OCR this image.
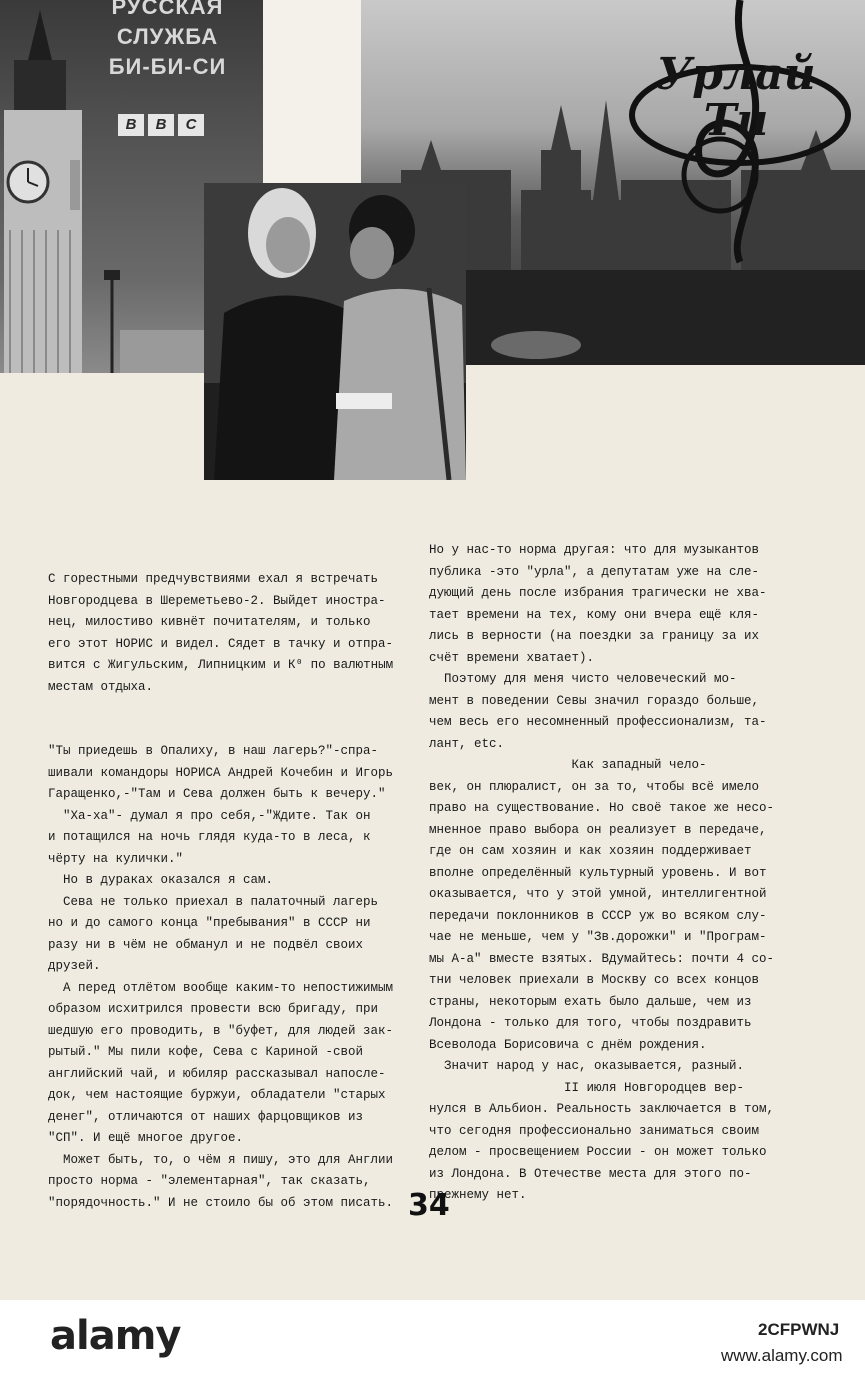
РУССКАЯ
СЛУЖБА
БИ-БИ-СИ
B	B	C
Урлай Ти
С горестными предчувствиями ехал я встречать
Новгородцева в Шереметьево-2. Выйдет иностра-
нец, милостиво кивнёт почитателям, и только
его этот НОРИС и видел. Сядет в тачку и отпра-
вится с Жигульским, Липницким и К⁰ по валютным
местам отдыха.

"Ты приедешь в Опалиху, в наш лагерь?"-спра-
шивали командоры НОРИСА Андрей Кочебин и Игорь
Гаращенко,-"Там и Сева должен быть к вечеру."
"Ха-ха"- думал я про себя,-"Ждите. Так он
и потащился на ночь глядя куда-то в леса, к
чёрту на кулички."
Но в дураках оказался я сам.
Сева не только приехал в палаточный лагерь
но и до самого конца "пребывания" в СССР ни
разу ни в чём не обманул и не подвёл своих
друзей.
А перед отлётом вообще каким-то непостижимым
образом исхитрился провести всю бригаду, при
шедшую его проводить, в "буфет, для людей зак-
рытый." Мы пили кофе, Сева с Кариной -свой
английский чай, и юбиляр рассказывал напосле-
док, чем настоящие буржуи, обладатели "старых
денег", отличаются от наших фарцовщиков из
"СП". И ещё многое другое.
Может быть, то, о чём я пишу, это для Англии
просто норма - "элементарная", так сказать,
"порядочность." И не стоило бы об этом писать.
Но у нас-то норма другая: что для музыкантов
публика -это "урла", а депутатам уже на сле-
дующий день после избрания трагически не хва-
тает времени на тех, кому они вчера ещё кля-
лись в верности (на поездки за границу за их
счёт времени хватает).
Поэтому для меня чисто человеческий мо-
мент в поведении Севы значил гораздо больше,
чем весь его несомненный профессионализм, та-
лант, etc.
Как западный чело-
век, он плюралист, он за то, чтобы всё имело
право на существование. Но своё такое же несо-
мненное право выбора он реализует в передаче,
где он сам хозяин и как хозяин поддерживает
вполне определённый культурный уровень. И вот
оказывается, что у этой умной, интеллигентной
передачи поклонников в СССР уж во всяком слу-
чае не меньше, чем у "Зв.дорожки" и "Програм-
мы А-а" вместе взятых. Вдумайтесь: почти 4 со-
тни человек приехали в Москву со всех концов
страны, некоторым ехать было дальше, чем из
Лондона - только для того, чтобы поздравить
Всеволода Борисовича с днём рождения.
Значит народ у нас, оказывается, разный.
II июля Новгородцев вер-
нулся в Альбион. Реальность заключается в том,
что сегодня профессионально заниматься своим
делом - просвещением России - он может только
из Лондона. В Отечестве места для этого по-
прежнему нет.
34
alamy	2CFPWNJ
www.alamy.com
